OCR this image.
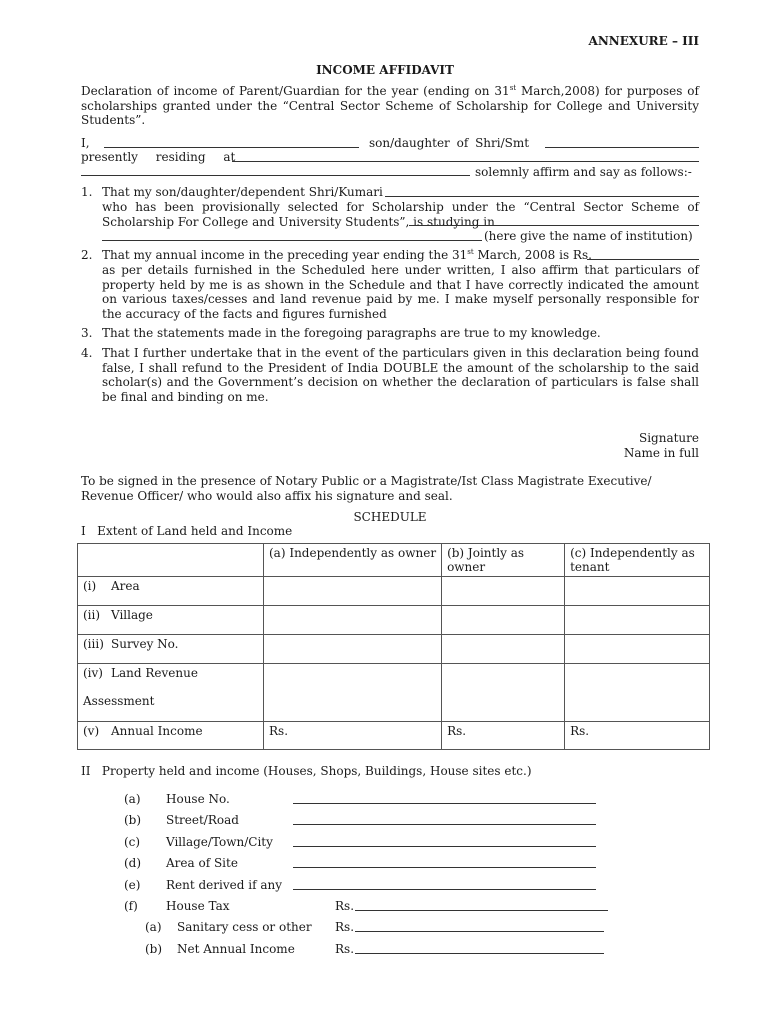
ANNEXURE – III
INCOME AFFIDAVIT
Declaration of income of Parent/Guardian for the year (ending on 31st March,2008) for purposes of scholarships granted under the “Central Sector Scheme of Scholarship for College and University Students”.
I,	son/daughter of Shri/Smt
presently residing at
solemnly affirm and say as follows:-
1. That my son/daughter/dependent Shri/Kumari
who has been provisionally selected for Scholarship under the “Central Sector Scheme of Scholarship For College and University Students”, is studying in
(here give the name of institution)
2. That my annual income in the preceding year ending the 31st March, 2008 is Rs.
as per details furnished in the Scheduled here under written, I also affirm that particulars of property held by me is as shown in the Schedule and that I have correctly indicated the amount on various taxes/cesses and land revenue paid by me. I make myself personally responsible for the accuracy of the facts and figures furnished
3. That the statements made in the foregoing paragraphs are true to my knowledge.
4. That I further undertake that in the event of the particulars given in this declaration being found false, I shall refund to the President of India DOUBLE the amount of the scholarship to the said scholar(s) and the Government’s decision on whether the declaration of particulars is false shall be final and binding on me.
Signature
Name in full
To be signed in the presence of Notary Public or a Magistrate/Ist Class Magistrate Executive/ Revenue Officer/ who would also affix his signature and seal.
SCHEDULE
I   Extent of Land held and Income
	(a) Independently as owner	(b) Jointly as owner	(c) Independently as tenant
(i) Area			
(ii) Village			
(iii) Survey No.			
(iv) Land Revenue

Assessment			

(v) Annual Income	Rs.	Rs.	Rs.
II   Property held and income (Houses, Shops, Buildings, House sites etc.)
(a) House No.
(b) Street/Road
(c) Village/Town/City
(d) Area of Site
(e) Rent derived if any
(f) House Tax	Rs.
(a) Sanitary cess or other Rs.
(b) Net Annual Income	Rs.
